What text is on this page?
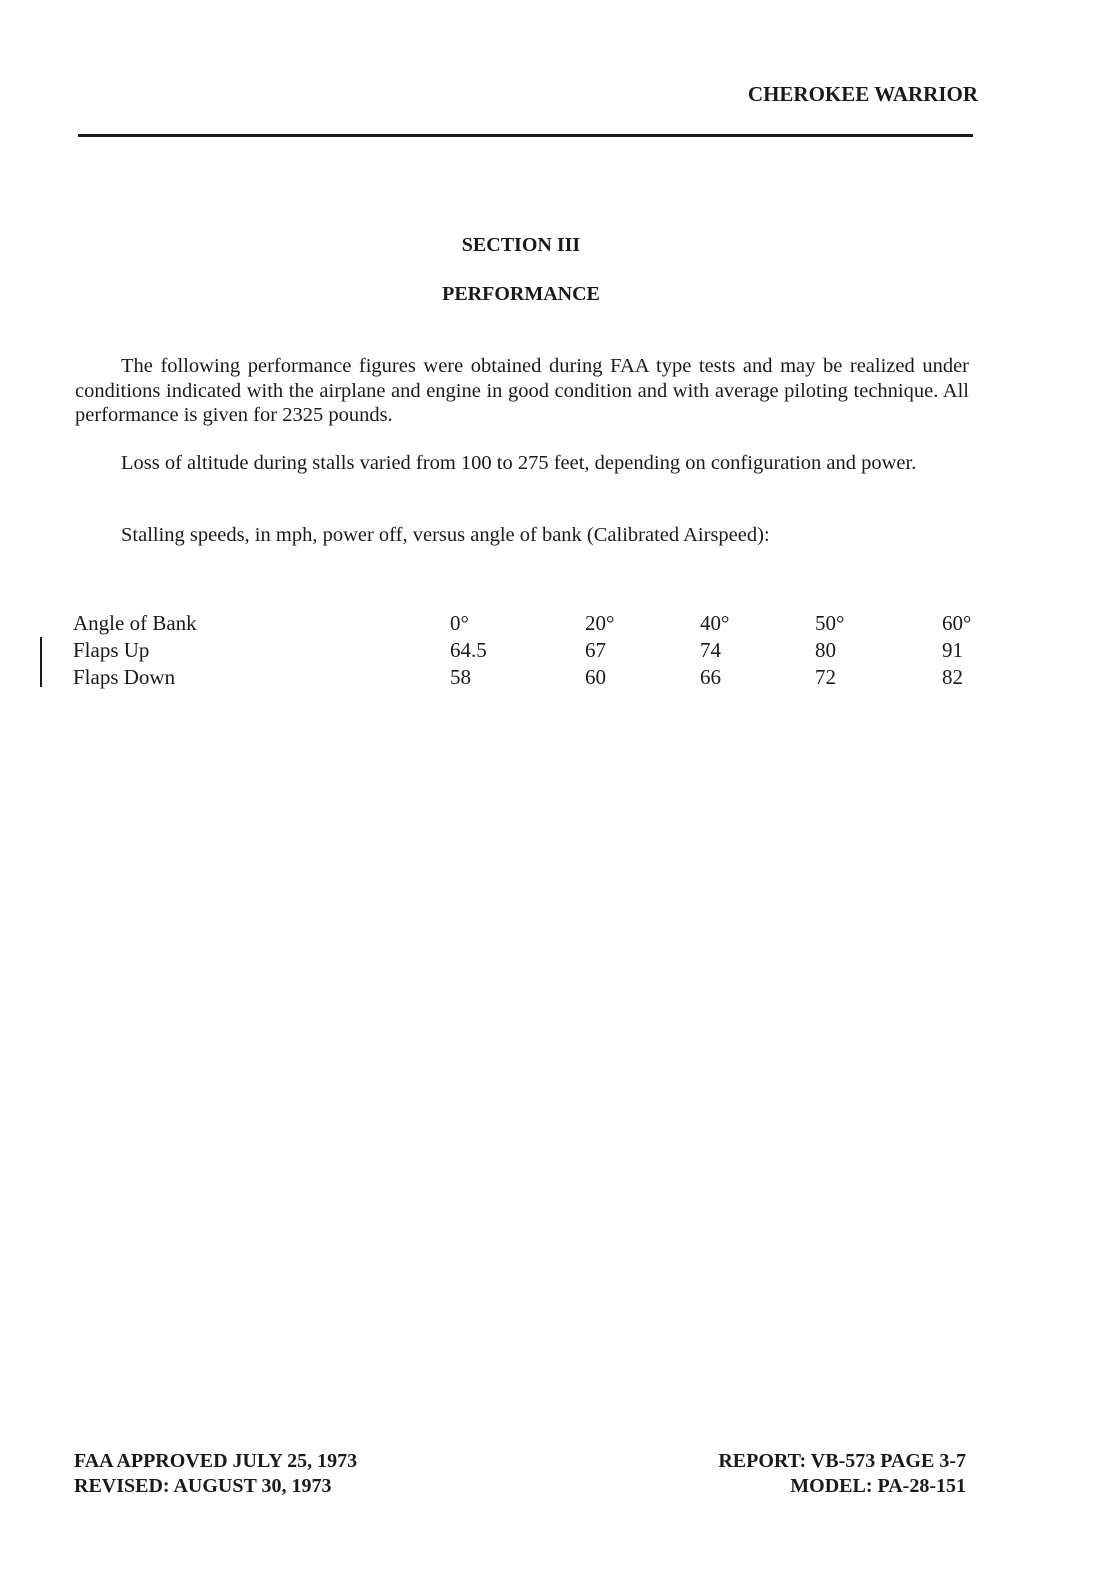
CHEROKEE WARRIOR
SECTION III
PERFORMANCE
The following performance figures were obtained during FAA type tests and may be realized under conditions indicated with the airplane and engine in good condition and with average piloting technique. All performance is given for 2325 pounds.
Loss of altitude during stalls varied from 100 to 275 feet, depending on configuration and power.
Stalling speeds, in mph, power off, versus angle of bank (Calibrated Airspeed):
Angle of Bank	0°	20°	40°	50°	60°
Flaps Up	64.5	67	74	80	91
Flaps Down	58	60	66	72	82
FAA APPROVED JULY 25, 1973
REVISED: AUGUST 30, 1973
REPORT: VB-573 PAGE 3-7
MODEL: PA-28-151
